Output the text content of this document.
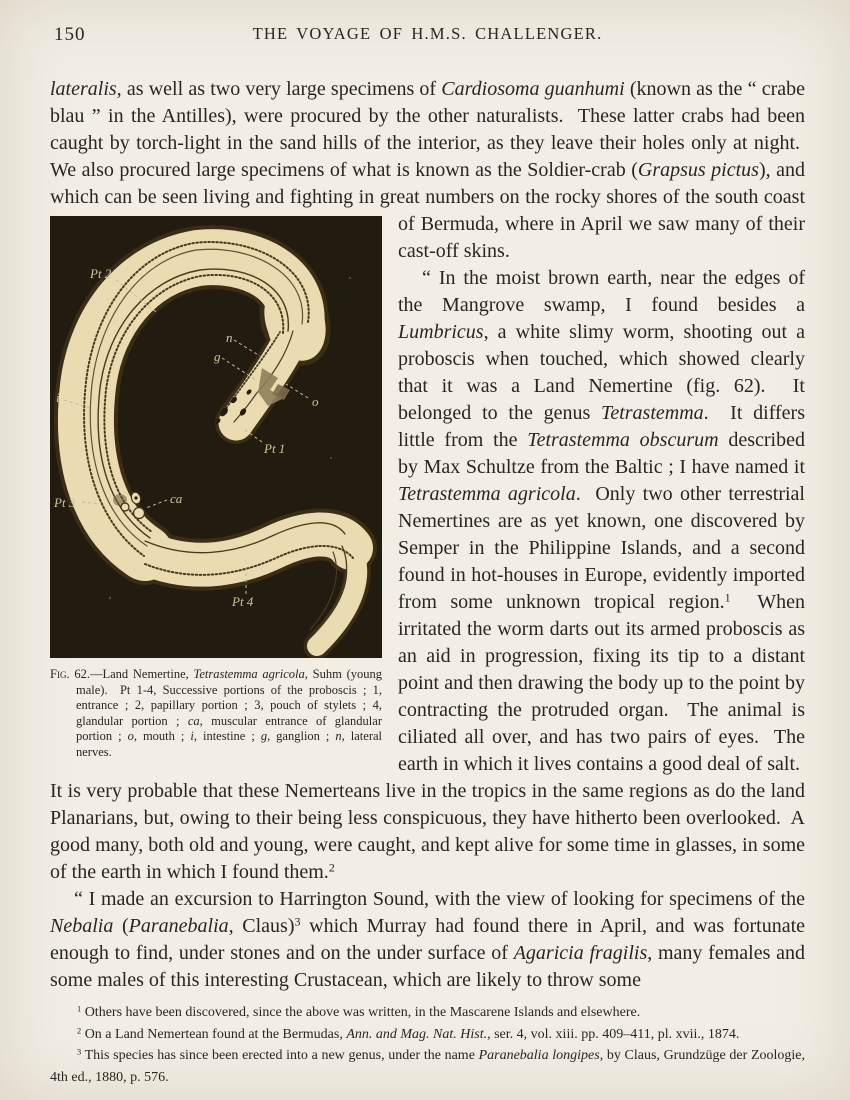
150	THE VOYAGE OF H.M.S. CHALLENGER.

lateralis, as well as two very large specimens of Cardiosoma guanhumi (known as the “ crabe blau ” in the Antilles), were procured by the other naturalists.  These latter crabs had been caught by torch-light in the sand hills of the interior, as they leave their holes only at night.  We also procured large specimens of what is known as the Soldier-crab (Grapsus pictus), and which can be seen living and fighting in great numbers on the rocky
Pt 2
n
g
o
Pt 1
i
Pt 3	ca
Pt 4
Fig. 62.—Land Nemertine, Tetrastemma agricola, Suhm (young male).  Pt 1-4, Successive portions of the proboscis ; 1, entrance ; 2, papillary portion ; 3, pouch of stylets ; 4, glandular portion ; ca, muscular entrance of glandular portion ; o, mouth ; i, intestine ; g, ganglion ; n, lateral nerves.
shores of the south coast of Bermuda, where in April we saw many of their cast-off skins.

“ In the moist brown earth, near the edges of the Mangrove swamp, I found besides a Lumbricus, a white slimy worm, shooting out a proboscis when touched, which showed clearly that it was a Land Nemertine (fig. 62).  It belonged to the genus Tetrastemma.  It differs little from the Tetrastemma obscurum described by Max Schultze from the Baltic ; I have named it Tetrastemma agricola.  Only two other terrestrial Nemertines are as yet known, one discovered by Semper in the Philippine Islands, and a second found in hot-houses in Europe, evidently imported from some unknown tropical region.$^1$  When irritated the worm darts out its armed proboscis as an aid in progression, fixing its tip to a distant point and then drawing the body up to the point by contracting the protruded organ.  The animal is ciliated all over, and has two pairs of eyes.  The earth in which it lives contains a good deal of salt.  It is very probable that these Nemerteans live in the tropics in the same regions as do the land Planarians, but, owing to their being less conspicuous, they have hitherto been overlooked.  A good many, both old and young, were caught, and kept alive for some time in glasses, in some of the earth in which I found them.$^2$

“ I made an excursion to Harrington Sound, with the view of looking for specimens of the Nebalia (Paranebalia, Claus)$^3$ which Murray had found there in April, and was fortunate enough to find, under stones and on the under surface of Agaricia fragilis, many females and some males of this interesting Crustacean, which are likely to throw some

$^1$ Others have been discovered, since the above was written, in the Mascarene Islands and elsewhere.

$^2$ On a Land Nemertean found at the Bermudas, Ann. and Mag. Nat. Hist., ser. 4, vol. xiii. pp. 409–411, pl. xvii., 1874.

$^3$ This species has since been erected into a new genus, under the name Paranebalia longipes, by Claus, Grundzüge der Zoologie, 4th ed., 1880, p. 576.
